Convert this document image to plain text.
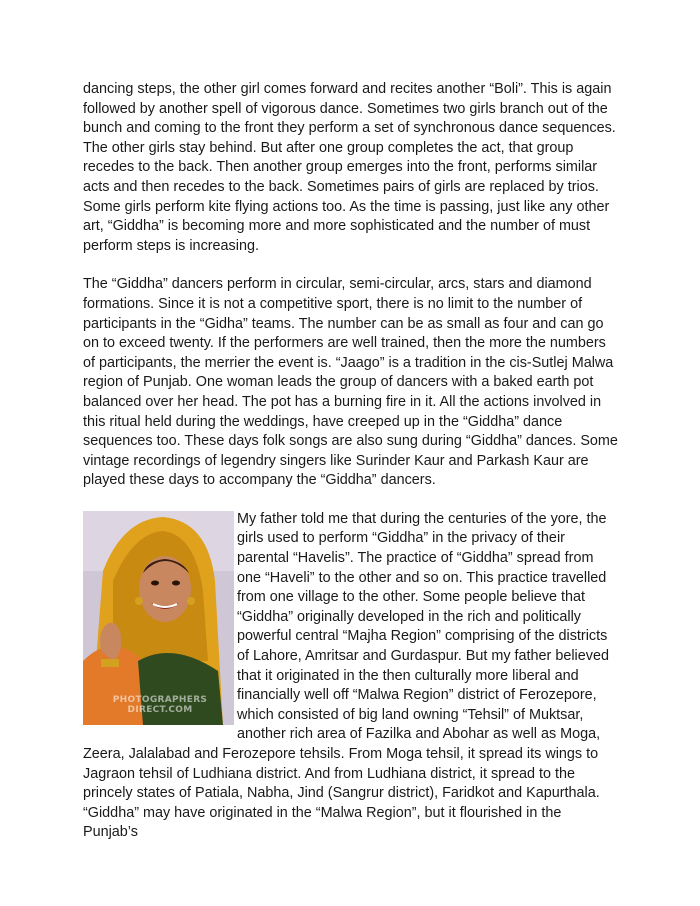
dancing steps, the other girl comes forward and recites another “Boli”. This is again followed by another spell of vigorous dance. Sometimes two girls branch out of the bunch and coming to the front they perform a set of synchronous dance sequences. The other girls stay behind. But after one group completes the act, that group recedes to the back. Then another group emerges into the front, performs similar acts and then recedes to the back. Sometimes pairs of girls are replaced by trios. Some girls perform kite flying actions too. As the time is passing, just like any other art, “Giddha” is becoming more and more sophisticated and the number of must perform steps is increasing.

The “Giddha” dancers perform in circular, semi-circular, arcs, stars and diamond formations. Since it is not a competitive sport, there is no limit to the number of participants in the “Gidha” teams. The number can be as small as four and can go on to exceed twenty. If the performers are well trained, then the more the numbers of participants, the merrier the event is. “Jaago” is a tradition in the cis-Sutlej Malwa region of Punjab. One woman leads the group of dancers with a baked earth pot balanced over her head. The pot has a burning fire in it. All the actions involved in this ritual held during the weddings, have creeped up in the “Giddha” dance sequences too. These days folk songs are also sung during “Giddha” dances. Some vintage recordings of legendry singers like Surinder Kaur and Parkash Kaur are played these days to accompany the “Giddha” dancers.

PHOTOGRAPHERS
DIRECT.COM
My father told me that during the centuries of the yore, the girls used to perform “Giddha” in the privacy of their parental “Havelis”. The practice of “Giddha” spread from one “Haveli” to the other and so on. This practice travelled from one village to the other. Some people believe that “Giddha” originally developed in the rich and politically powerful central “Majha Region” comprising of the districts of Lahore, Amritsar and Gurdaspur. But my father believed that it originated in the then culturally more liberal and financially well off “Malwa Region” district of Ferozepore, which consisted of big land owning “Tehsil” of Muktsar, another rich area of Fazilka and Abohar as well as Moga, Zeera, Jalalabad and Ferozepore tehsils. From Moga tehsil, it spread its wings to Jagraon tehsil of Ludhiana district. And from Ludhiana district, it spread to the princely states of Patiala, Nabha, Jind (Sangrur district), Faridkot and Kapurthala. “Giddha” may have originated in the “Malwa Region”, but it flourished in the Punjab’s
